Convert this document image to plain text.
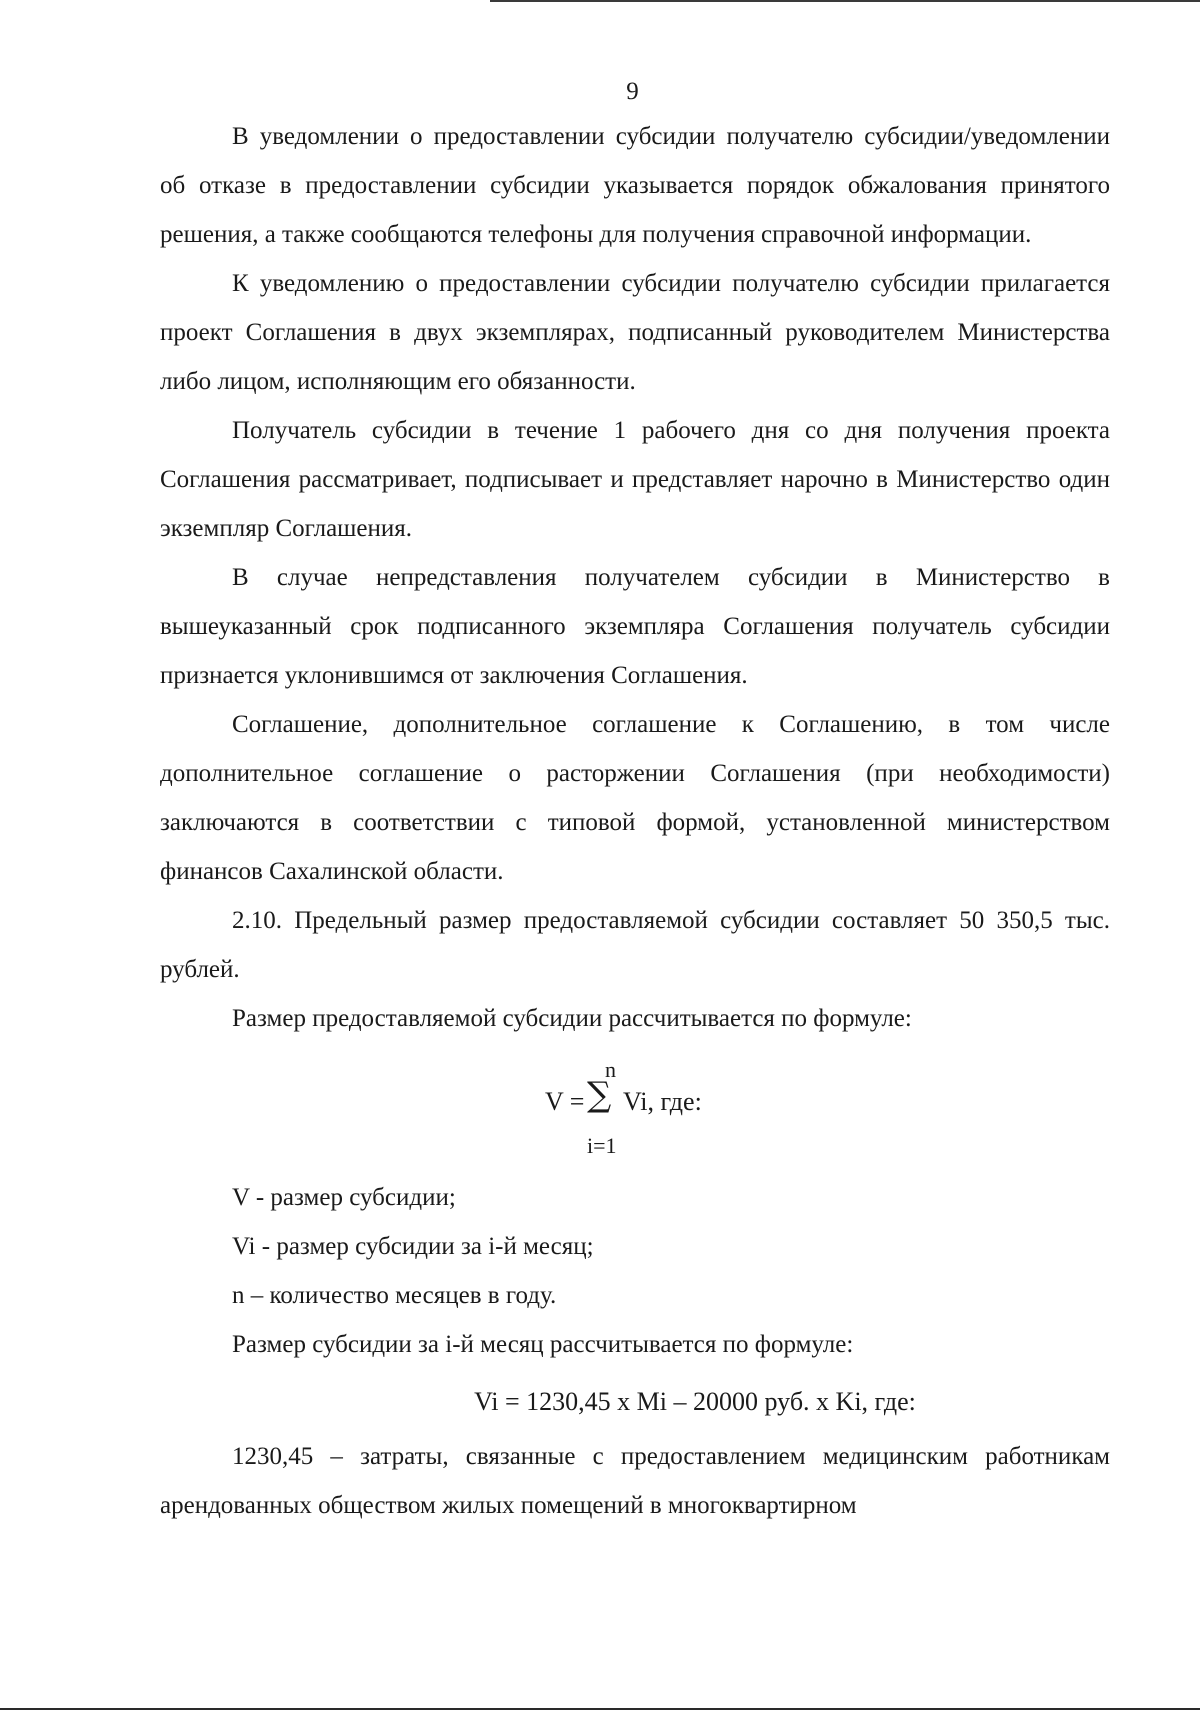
9

В уведомлении о предоставлении субсидии получателю субсидии/уведомлении об отказе в предоставлении субсидии указывается порядок обжалования принятого решения, а также сообщаются телефоны для получения справочной информации.

К уведомлению о предоставлении субсидии получателю субсидии прилагается проект Соглашения в двух экземплярах, подписанный руководителем Министерства либо лицом, исполняющим его обязанности.

Получатель субсидии в течение 1 рабочего дня со дня получения проекта Соглашения рассматривает, подписывает и представляет нарочно в Министерство один экземпляр Соглашения.

В случае непредставления получателем субсидии в Министерство в вышеуказанный срок подписанного экземпляра Соглашения получатель субсидии признается уклонившимся от заключения Соглашения.

Соглашение, дополнительное соглашение к Соглашению, в том числе дополнительное соглашение о расторжении Соглашения (при необходимости) заключаются в соответствии с типовой формой, установленной министерством финансов Сахалинской области.

2.10. Предельный размер предоставляемой субсидии составляет 50 350,5 тыс. рублей.

Размер предоставляемой субсидии рассчитывается по формуле:

n
V = ∑ Vi, где:
i=1

V - размер субсидии;

Vi - размер субсидии за i-й месяц;

n – количество месяцев в году.

Размер субсидии за i-й месяц рассчитывается по формуле:

Vi = 1230,45 х Mi – 20000 руб. х Ki, где:

1230,45 – затраты, связанные с предоставлением медицинским работникам арендованных обществом жилых помещений в многоквартирном
